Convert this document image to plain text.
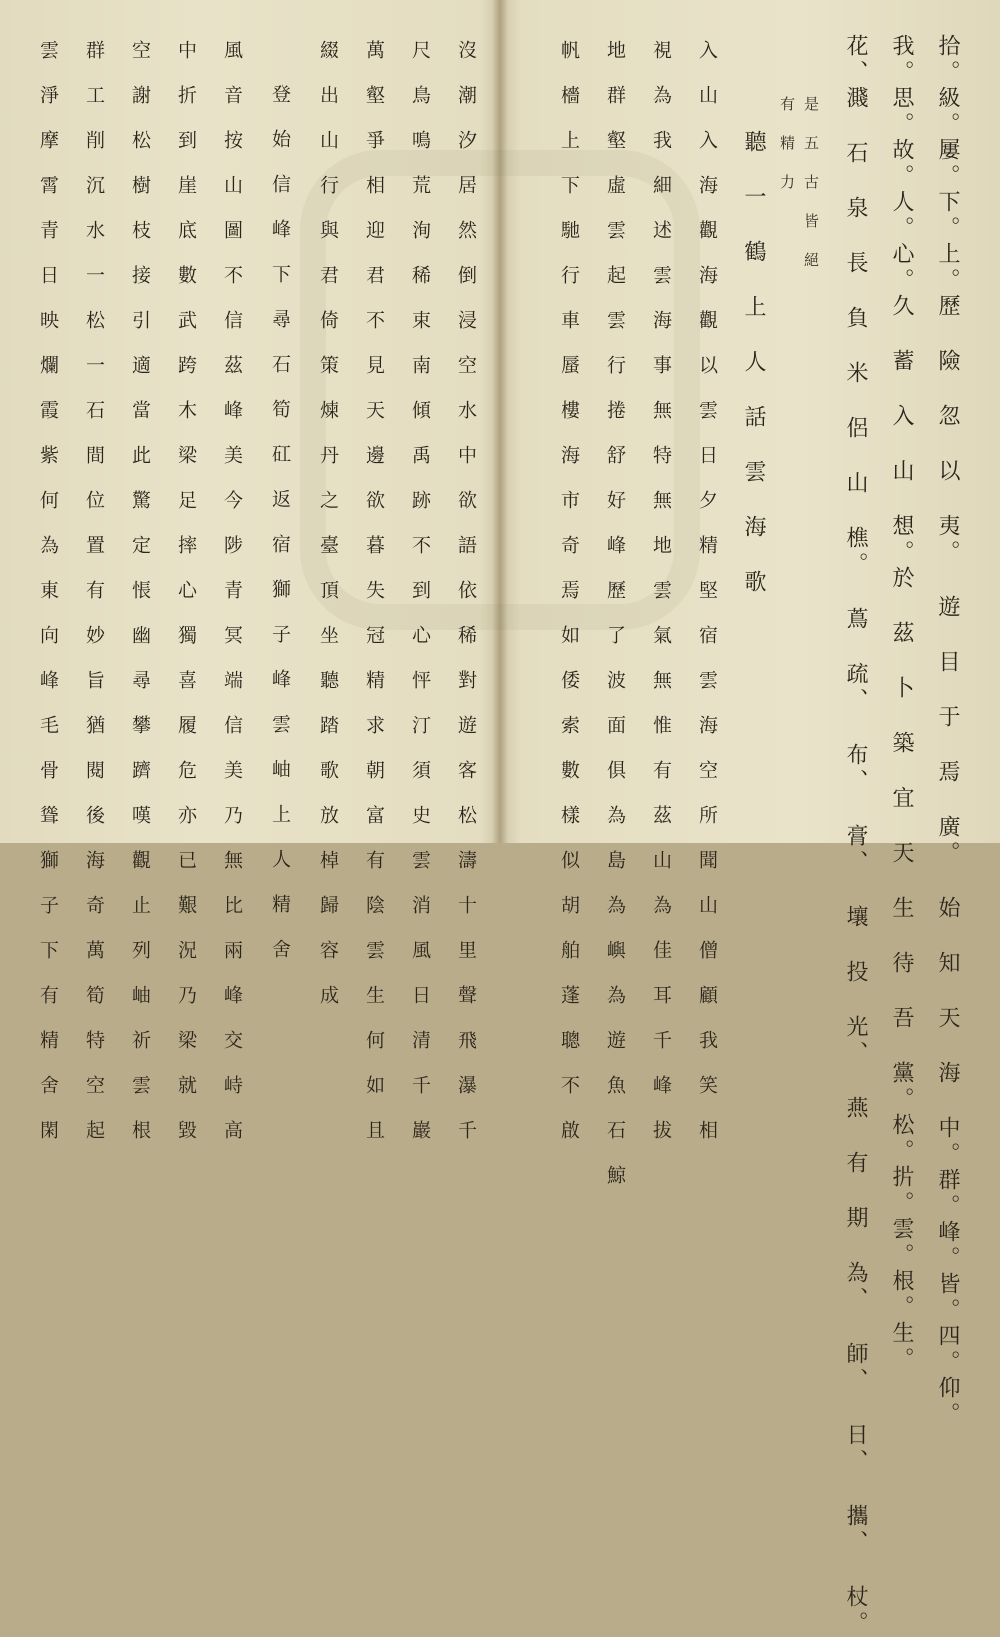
拾。級。屢。下。上。歷 險 忽 以 夷。 遊 目 于 焉 廣。 始 知 天 海 中。群。峰。皆。四。仰。
我。思。故。人。心。久 蓄 入 山 想。於 茲 卜 築 宜 天 生 待 吾 黨。松。扸。雲。根。生。
花、濺 石 泉 長 負 米 侶 山 樵。 蔦 疏、 布、 膏、 壤 投 光、 燕 有 期 為、 師、 日、 攜、 杖。
是 五 古 皆 絕
有 精 力
聽 一 鶴 上 人 話 雲 海 歌
入 山 入 海 觀 海 觀 以 雲 日 夕 精 堅 宿 雲 海 空 所 聞 山 僧 顧 我 笑 相
視 為 我 細 述 雲 海 事 無 特 無 地 雲 氣 無 惟 有 茲 山 為 佳 耳 千 峰 拔
地 群 壑 虛 雲 起 雲 行 捲 舒 好 峰 歷 了 波 面 俱 為 島 為 嶼 為 遊 魚 石 鯨
帆 檣 上 下 馳 行 車 蜃 樓 海 市 奇 焉 如 倭 索 數 樣 似 胡 舶 蓬 聰 不 啟
沒 潮 汐 居 然 倒 浸 空 水 中 欲 語 依 稀 對 遊 客 松 濤 十 里 聲 飛 瀑 千
尺 鳥 鳴 荒 洵 稀 束 南 傾 禹 跡 不 到 心 怦 汀 須 史 雲 消 風 日 清 千 巖
萬 壑 爭 相 迎 君 不 見 天 邊 欲 暮 失 冠 精 求 朝 富 有 陰 雲 生 何 如 且
綴 出 山 行 與 君 倚 策 煉 丹 之 臺 頂 坐 聽 踏 歌 放 棹 歸 容 成
登 始 信 峰 下 尋 石 筍 矼 返 宿 獅 子 峰 雲 岫 上 人 精 舍
風 音 按 山 圖 不 信 茲 峰 美 今 陟 青 冥 端 信 美 乃 無 比 兩 峰 交 峙 高
中 折 到 崖 底 數 武 跨 木 梁 足 摔 心 獨 喜 履 危 亦 已 艱 況 乃 梁 就 毀
空 謝 松 樹 枝 接 引 適 當 此 驚 定 悵 幽 尋 攀 躋 嘆 觀 止 列 岫 祈 雲 根
群 工 削 沉 水 一 松 一 石 間 位 置 有 妙 旨 猶 閱 後 海 奇 萬 筍 特 空 起
雲 淨 摩 霄 青 日 映 爛 霞 紫 何 為 東 向 峰 毛 骨 聳 獅 子 下 有 精 舍 閑
